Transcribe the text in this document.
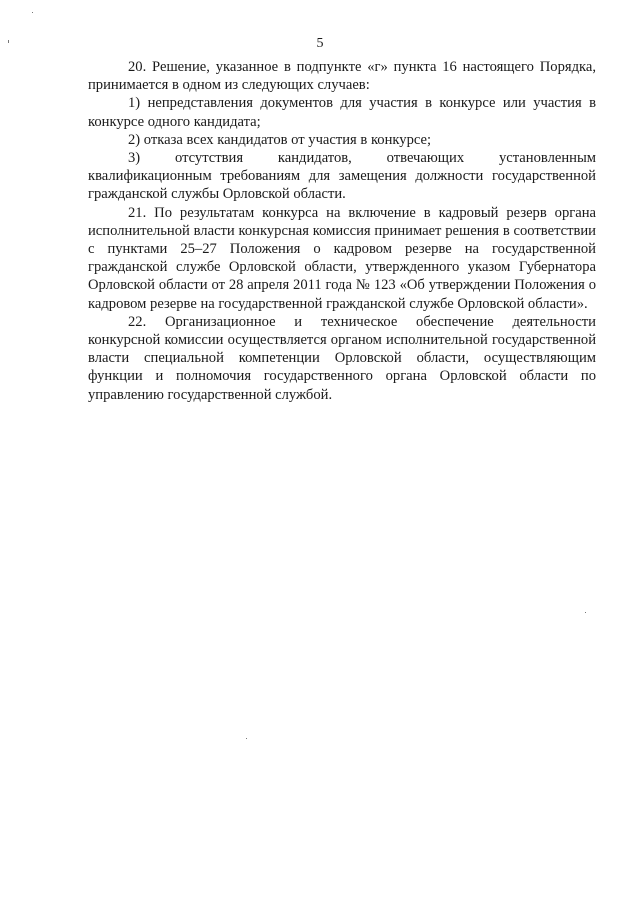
5

20. Решение, указанное в подпункте «г» пункта 16 настоящего Порядка, принимается в одном из следующих случаев:

1) непредставления документов для участия в конкурсе или участия в конкурсе одного кандидата;

2) отказа всех кандидатов от участия в конкурсе;

3) отсутствия кандидатов, отвечающих установленным квалификационным требованиям для замещения должности государственной гражданской службы Орловской области.

21. По результатам конкурса на включение в кадровый резерв органа исполнительной власти конкурсная комиссия принимает решения в соответствии с пунктами 25–27 Положения о кадровом резерве на государственной гражданской службе Орловской области, утвержденного указом Губернатора Орловской области от 28 апреля 2011 года № 123 «Об утверждении Положения о кадровом резерве на государственной гражданской службе Орловской области».

22. Организационное и техническое обеспечение деятельности конкурсной комиссии осуществляется органом исполнительной государственной власти специальной компетенции Орловской области, осуществляющим функции и полномочия государственного органа Орловской области по управлению государственной службой.
